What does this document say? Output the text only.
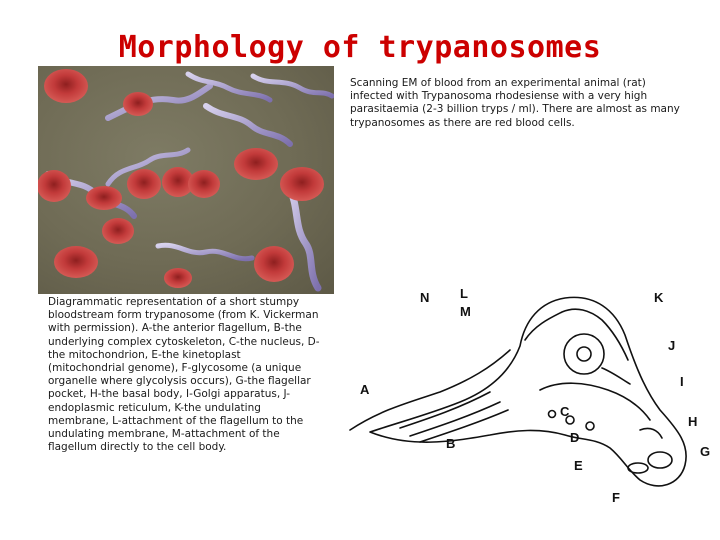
Morphology of trypanosomes
Scanning EM of blood from an experimental animal (rat) infected with Trypanosoma rhodesiense with a very high parasitaemia (2-3 billion tryps / ml). There are almost as many trypanosomes as there are red blood cells.
Diagrammatic representation of a short stumpy bloodstream form trypanosome (from K. Vickerman with permission). A-the anterior flagellum, B-the underlying complex cytoskeleton, C-the nucleus, D-the mitochondrion, E-the kinetoplast (mitochondrial genome), F-glycosome (a unique organelle where glycolysis occurs), G-the flagellar pocket, H-the basal body, I-Golgi apparatus, J-endoplasmic reticulum, K-the undulating membrane, L-attachment of the flagellum to the undulating membrane, M-attachment of the flagellum directly to the cell body.
N L
M
K
J
I
A
C
H
D
B
G
E
F
